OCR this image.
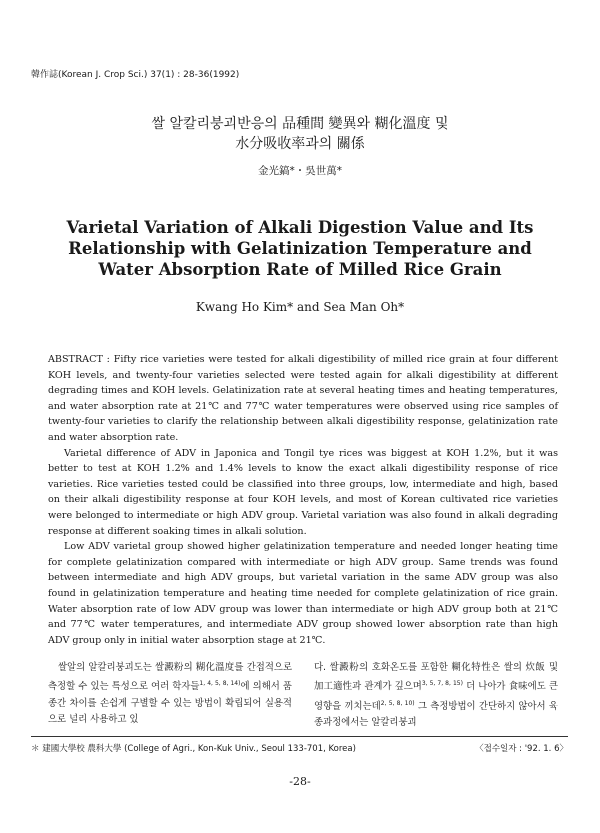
韓作誌(Korean J. Crop Sci.) 37(1) : 28-36(1992)
쌀 알칼리붕괴반응의 品種間 變異와 糊化溫度 및
水分吸收率과의 關係
金光鎬*・吳世萬*
Varietal Variation of Alkali Digestion Value and Its
Relationship with Gelatinization Temperature and
Water Absorption Rate of Milled Rice Grain
Kwang Ho Kim* and Sea Man Oh*

ABSTRACT : Fifty rice varieties were tested for alkali digestibility of milled rice grain at four different KOH levels, and twenty-four varieties selected were tested again for alkali digestibility at different degrading times and KOH levels. Gelatinization rate at several heating times and heating temperatures, and water absorption rate at 21℃ and 77℃ water temperatures were observed using rice samples of twenty-four varieties to clarify the relationship between alkali digestibility response, gelatinization rate and water absorption rate.

Varietal difference of ADV in Japonica and Tongil tye rices was biggest at KOH 1.2%, but it was better to test at KOH 1.2% and 1.4% levels to know the exact alkali digestibility response of rice varieties. Rice varieties tested could be classified into three groups, low, intermediate and high, based on their alkali digestibility response at four KOH levels, and most of Korean cultivated rice varieties were belonged to intermediate or high ADV group. Varietal variation was also found in alkali degrading response at different soaking times in alkali solution.

Low ADV varietal group showed higher gelatinization temperature and needed longer heating time for complete gelatinization compared with intermediate or high ADV group. Same trends was found between intermediate and high ADV groups, but varietal variation in the same ADV group was also found in gelatinization temperature and heating time needed for complete gelatinization of rice grain. Water absorption rate of low ADV group was lower than intermediate or high ADV group both at 21℃ and 77℃ water temperatures, and intermediate ADV group showed lower absorption rate than high ADV group only in initial water absorption stage at 21℃.

쌀알의 알칼리붕괴도는 쌀澱粉의 糊化溫度를 간접적으로 측정할 수 있는 특성으로 여러 학자들$^{1, 4, 5, 8, 14)}$에 의해서 품종간 차이를 손쉽게 구별할 수 있는 방법이 확립되어 실용적으로 널리 사용하고 있

다. 쌀澱粉의 호화온도를 포함한 糊化特性은 쌀의 炊飯 및 加工適性과 관계가 깊으며$^{3, 5, 7, 8, 15)}$ 더 나아가 食味에도 큰 영향을 끼치는데$^{2, 5, 8, 10)}$ 그 측정방법이 간단하지 않아서 육종과정에서는 알칼리붕괴

＊ 建國大學校 農科大學 (College of Agri., Kon-Kuk Univ., Seoul 133-701, Korea)	〈접수일자 : '92. 1. 6〉
-28-
